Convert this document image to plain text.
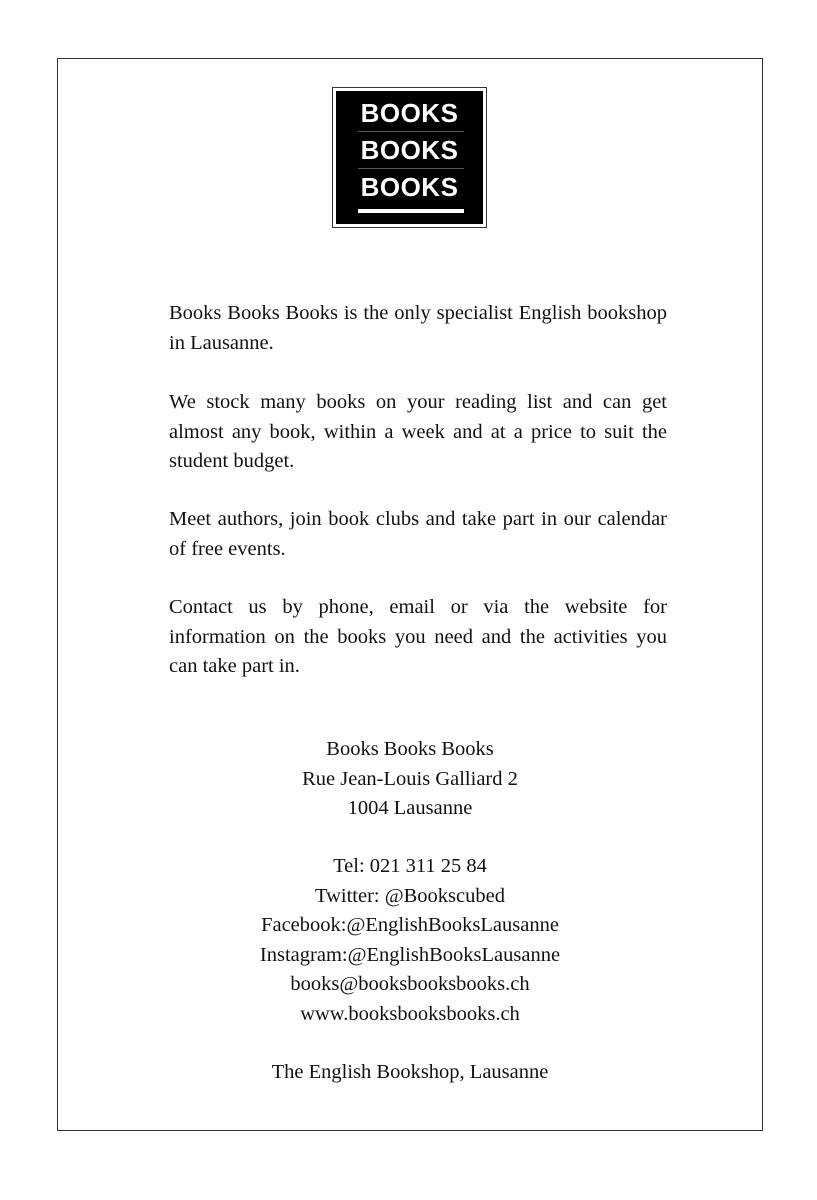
BOOKS
BOOKS
BOOKS

Books Books Books is the only specialist English bookshop in Lausanne.

We stock many books on your reading list and can get almost any book, within a week and at a price to suit the student budget.

Meet authors, join book clubs and take part in our calendar of free events.

Contact us by phone, email or via the website for information on the books you need and the activities you can take part in.

Books Books Books

Rue Jean-Louis Galliard 2

1004 Lausanne

Tel: 021 311 25 84

Twitter: @Bookscubed

Facebook:@EnglishBooksLausanne

Instagram:@EnglishBooksLausanne

books@booksbooksbooks.ch

www.booksbooksbooks.ch

The English Bookshop, Lausanne
